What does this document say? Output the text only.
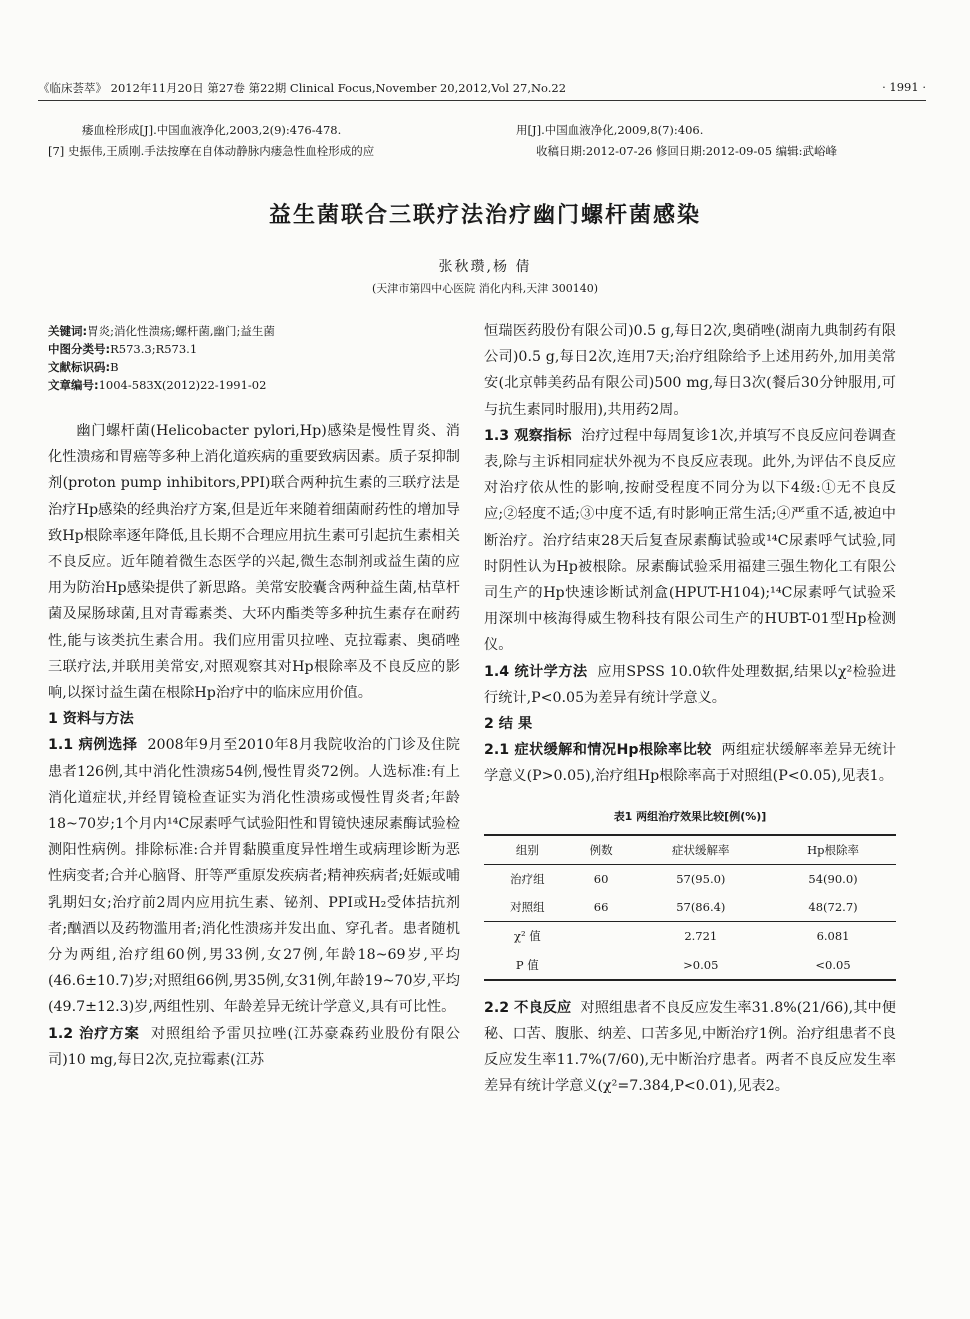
《临床荟萃》 2012年11月20日 第27卷 第22期 Clinical Focus,November 20,2012,Vol 27,No.22	· 1991 ·
痿血栓形成[J].中国血液净化,2003,2(9):476-478.
[7] 史振伟,王质刚.手法按摩在自体动静脉内瘘急性血栓形成的应
用[J].中国血液净化,2009,8(7):406.
收稿日期:2012-07-26 修回日期:2012-09-05 编辑:武峪峰
益生菌联合三联疗法治疗幽门螺杆菌感染
张秋瓒,杨 倩
(天津市第四中心医院 消化内科,天津 300140)
关键词:胃炎;消化性溃疡;螺杆菌,幽门;益生菌
中图分类号:R573.3;R573.1
文献标识码:B
文章编号:1004-583X(2012)22-1991-02

幽门螺杆菌(Helicobacter pylori,Hp)感染是慢性胃炎、消化性溃疡和胃癌等多种上消化道疾病的重要致病因素。质子泵抑制剂(proton pump inhibitors,PPI)联合两种抗生素的三联疗法是治疗Hp感染的经典治疗方案,但是近年来随着细菌耐药性的增加导致Hp根除率逐年降低,且长期不合理应用抗生素可引起抗生素相关不良反应。近年随着微生态医学的兴起,微生态制剂或益生菌的应用为防治Hp感染提供了新思路。美常安胶囊含两种益生菌,枯草杆菌及屎肠球菌,且对青霉素类、大环内酯类等多种抗生素存在耐药性,能与该类抗生素合用。我们应用雷贝拉唑、克拉霉素、奥硝唑三联疗法,并联用美常安,对照观察其对Hp根除率及不良反应的影响,以探讨益生菌在根除Hp治疗中的临床应用价值。

1 资料与方法

1.1 病例选择 2008年9月至2010年8月我院收治的门诊及住院患者126例,其中消化性溃疡54例,慢性胃炎72例。人选标准:有上消化道症状,并经胃镜检查证实为消化性溃疡或慢性胃炎者;年龄18~70岁;1个月内¹⁴C尿素呼气试验阳性和胃镜快速尿素酶试验检测阳性病例。排除标准:合并胃黏膜重度异性增生或病理诊断为恶性病变者;合并心脑肾、肝等严重原发疾病者;精神疾病者;妊娠或哺乳期妇女;治疗前2周内应用抗生素、铋剂、PPI或H₂受体拮抗剂者;酗酒以及药物滥用者;消化性溃疡并发出血、穿孔者。患者随机分为两组,治疗组60例,男33例,女27例,年龄18~69岁,平均(46.6±10.7)岁;对照组66例,男35例,女31例,年龄19~70岁,平均(49.7±12.3)岁,两组性别、年龄差异无统计学意义,具有可比性。

1.2 治疗方案 对照组给予雷贝拉唑(江苏豪森药业股份有限公司)10 mg,每日2次,克拉霉素(江苏

恒瑞医药股份有限公司)0.5 g,每日2次,奥硝唑(湖南九典制药有限公司)0.5 g,每日2次,连用7天;治疗组除给予上述用药外,加用美常安(北京韩美药品有限公司)500 mg,每日3次(餐后30分钟服用,可与抗生素同时服用),共用药2周。

1.3 观察指标 治疗过程中每周复诊1次,并填写不良反应问卷调查表,除与主诉相同症状外视为不良反应表现。此外,为评估不良反应对治疗依从性的影响,按耐受程度不同分为以下4级:①无不良反应;②轻度不适;③中度不适,有时影响正常生活;④严重不适,被迫中断治疗。治疗结束28天后复查尿素酶试验或¹⁴C尿素呼气试验,同时阴性认为Hp被根除。尿素酶试验采用福建三强生物化工有限公司生产的Hp快速诊断试剂盒(HPUT-H104);¹⁴C尿素呼气试验采用深圳中核海得威生物科技有限公司生产的HUBT-01型Hp检测仪。

1.4 统计学方法 应用SPSS 10.0软件处理数据,结果以χ²检验进行统计,P<0.05为差异有统计学意义。

2 结 果

2.1 症状缓解和情况Hp根除率比较 两组症状缓解率差异无统计学意义(P>0.05),治疗组Hp根除率高于对照组(P<0.05),见表1。

表1 两组治疗效果比较[例(%)]
组别	例数	症状缓解率	Hp根除率
治疗组	60	57(95.0)	54(90.0)
对照组	66	57(86.4)	48(72.7)
χ² 值		2.721	6.081
P 值		>0.05	<0.05

2.2 不良反应 对照组患者不良反应发生率31.8%(21/66),其中便秘、口苦、腹胀、纳差、口苦多见,中断治疗1例。治疗组患者不良反应发生率11.7%(7/60),无中断治疗患者。两者不良反应发生率差异有统计学意义(χ²=7.384,P<0.01),见表2。
